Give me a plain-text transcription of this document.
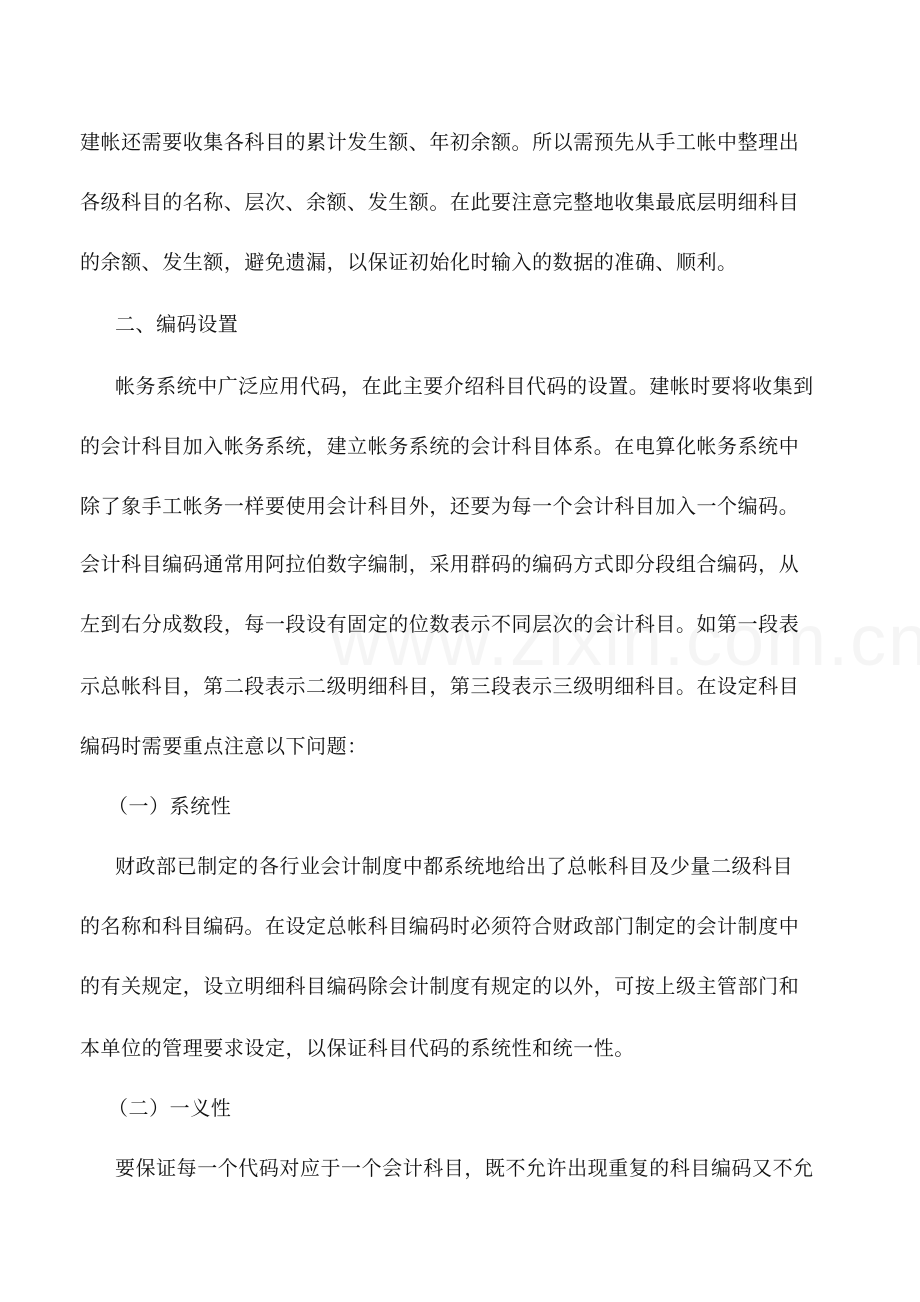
建帐还需要收集各科目的累计发生额、年初余额。所以需预先从手工帐中整理出
各级科目的名称、层次、余额、发生额。在此要注意完整地收集最底层明细科目
的余额、发生额，避免遗漏，以保证初始化时输入的数据的准确、顺利。
二、编码设置
帐务系统中广泛应用代码，在此主要介绍科目代码的设置。建帐时要将收集到
的会计科目加入帐务系统，建立帐务系统的会计科目体系。在电算化帐务系统中
除了象手工帐务一样要使用会计科目外，还要为每一个会计科目加入一个编码。
会计科目编码通常用阿拉伯数字编制，采用群码的编码方式即分段组合编码，从
左到右分成数段，每一段设有固定的位数表示不同层次的会计科目。如第一段表
示总帐科目，第二段表示二级明细科目，第三段表示三级明细科目。在设定科目
编码时需要重点注意以下问题：
（一）系统性
财政部已制定的各行业会计制度中都系统地给出了总帐科目及少量二级科目
的名称和科目编码。在设定总帐科目编码时必须符合财政部门制定的会计制度中
的有关规定，设立明细科目编码除会计制度有规定的以外，可按上级主管部门和
本单位的管理要求设定，以保证科目代码的系统性和统一性。
（二）一义性
要保证每一个代码对应于一个会计科目，既不允许出现重复的科目编码又不允
